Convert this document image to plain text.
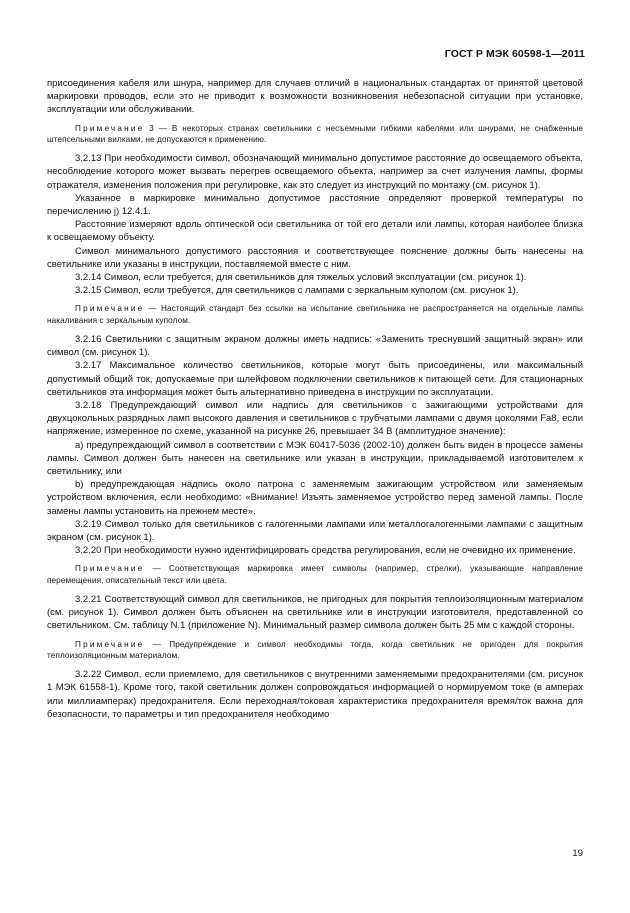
ГОСТ Р МЭК 60598-1—2011

присоединения кабеля или шнура, например для случаев отличий в национальных стандартах от принятой цветовой маркировки проводов, если это не приводит к возможности возникновения небезопасной ситуации при установке, эксплуатации или обслуживании.

Примечание 3 — В некоторых странах светильники с несъемными гибкими кабелями или шнурами, не снабженные штепсельными вилками, не допускаются к применению.

3.2.13 При необходимости символ, обозначающий минимально допустимое расстояние до освещаемого объекта, несоблюдение которого может вызвать перегрев освещаемого объекта, например за счет излучения лампы, формы отражателя, изменения положения при регулировке, как это следует из инструкций по монтажу (см. рисунок 1).

Указанное в маркировке минимально допустимое расстояние определяют проверкой температуры по перечислению j) 12.4.1.

Расстояние измеряют вдоль оптической оси светильника от той его детали или лампы, которая наиболее близка к освещаемому объекту.

Символ минимального допустимого расстояния и соответствующее пояснение должны быть нанесены на светильнике или указаны в инструкции, поставляемой вместе с ним.

3.2.14 Символ, если требуется, для светильников для тяжелых условий эксплуатации (см. рисунок 1).

3.2.15 Символ, если требуется, для светильников с лампами с зеркальным куполом (см. рисунок 1).

Примечание — Настоящий стандарт без ссылки на испытание светильника не распространяется на отдельные лампы накаливания с зеркальным куполом.

3.2.16 Светильники с защитным экраном должны иметь надпись: «Заменить треснувший защитный экран» или символ (см. рисунок 1).

3.2.17 Максимальное количество светильников, которые могут быть присоединены, или максимальный допустимый общий ток, допускаемые при шлейфовом подключении светильников к питающей сети. Для стационарных светильников эта информация может быть альтернативно приведена в инструкции по эксплуатации.

3.2.18 Предупреждающий символ или надпись для светильников с зажигающими устройствами для двухцокольных разрядных ламп высокого давления и светильников с трубчатыми лампами с двумя цоколями Fa8, если напряжение, измеренное по схеме, указанной на рисунке 26, превышает 34 В (амплитудное значение):

a) предупреждающий символ в соответствии с МЭК 60417-5036 (2002-10) должен быть виден в процессе замены лампы. Символ должен быть нанесен на светильнике или указан в инструкции, прикладываемой изготовителем к светильнику, или

b) предупреждающая надпись около патрона с заменяемым зажигающим устройством или заменяемым устройством включения, если необходимо: «Внимание! Изъять заменяемое устройство перед заменой лампы. После замены лампы установить на прежнем месте».

3.2.19 Символ только для светильников с галогенными лампами или металлогалогенными лампами с защитным экраном (см. рисунок 1).

3.2.20 При необходимости нужно идентифицировать средства регулирования, если не очевидно их применение.

Примечание — Соответствующая маркировка имеет символы (например, стрелки), указывающие направление перемещения, описательный текст или цвета.

3.2.21 Соответствующий символ для светильников, не пригодных для покрытия теплоизоляционным материалом (см. рисунок 1). Символ должен быть объяснен на светильнике или в инструкции изготовителя, представленной со светильником. См. таблицу N.1 (приложение N). Минимальный размер символа должен быть 25 мм с каждой стороны.

Примечание — Предупреждение и символ необходимы тогда, когда светильник не пригоден для покрытия теплоизоляционным материалом.

3.2.22 Символ, если приемлемо, для светильников с внутренними заменяемыми предохранителями (см. рисунок 1 МЭК 61558-1). Кроме того, такой светильник должен сопровождаться информацией о нормируемом токе (в амперах или миллиамперах) предохранителя. Если переходная/токовая характеристика предохранителя время/ток важна для безопасности, то параметры и тип предохранителя необходимо

19
